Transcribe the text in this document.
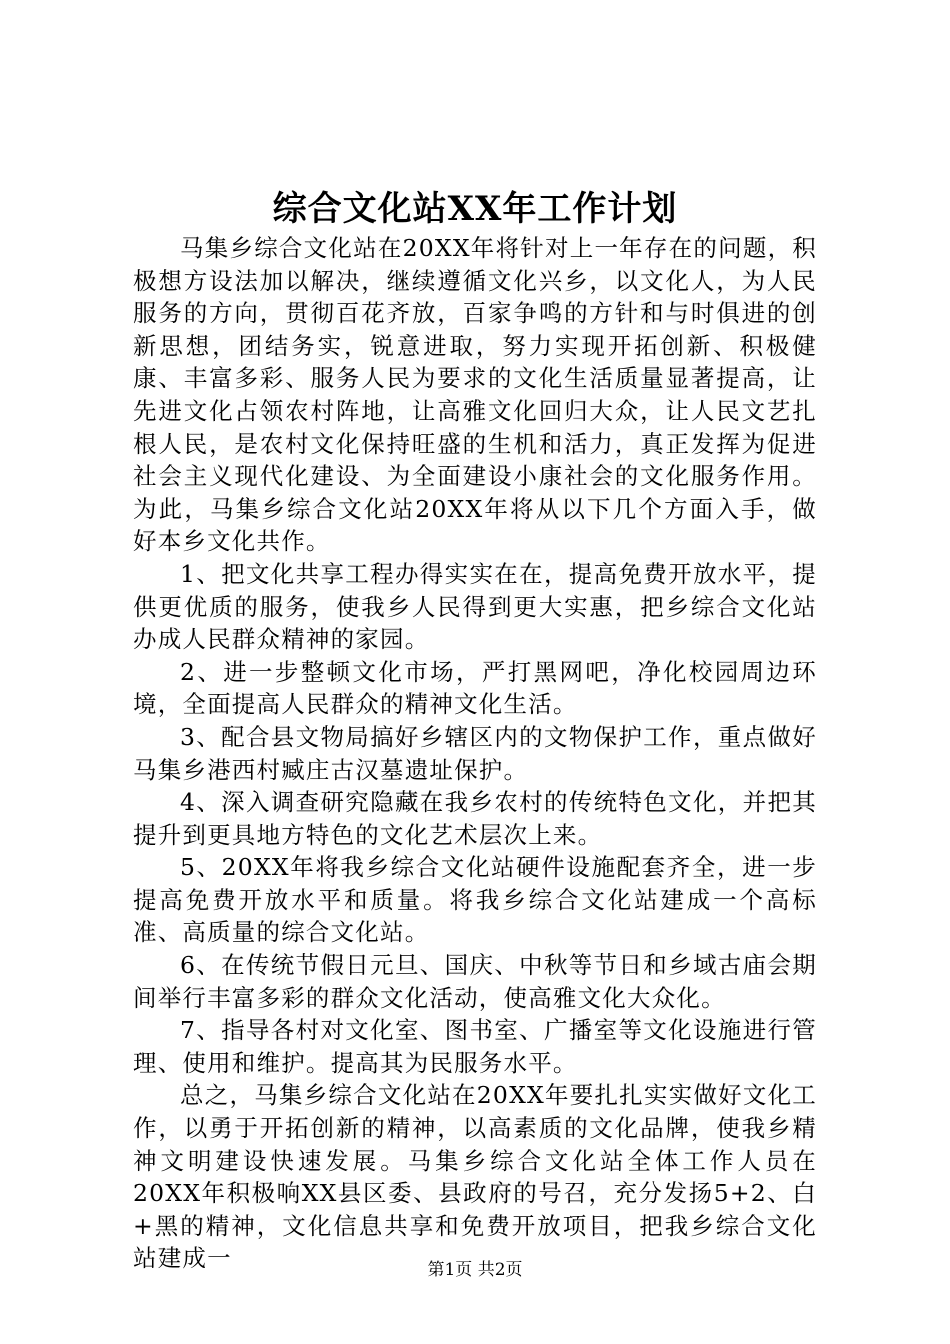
综合文化站XX年工作计划

马集乡综合文化站在20XX年将针对上一年存在的问题，积极想方设法加以解决，继续遵循文化兴乡，以文化人，为人民服务的方向，贯彻百花齐放，百家争鸣的方针和与时俱进的创新思想，团结务实，锐意进取，努力实现开拓创新、积极健康、丰富多彩、服务人民为要求的文化生活质量显著提高，让先进文化占领农村阵地，让高雅文化回归大众，让人民文艺扎根人民，是农村文化保持旺盛的生机和活力，真正发挥为促进社会主义现代化建设、为全面建设小康社会的文化服务作用。为此，马集乡综合文化站20XX年将从以下几个方面入手，做好本乡文化共作。

1、把文化共享工程办得实实在在，提高免费开放水平，提供更优质的服务，使我乡人民得到更大实惠，把乡综合文化站办成人民群众精神的家园。

2、进一步整顿文化市场，严打黑网吧，净化校园周边环境，全面提高人民群众的精神文化生活。

3、配合县文物局搞好乡辖区内的文物保护工作，重点做好马集乡港西村臧庄古汉墓遗址保护。

4、深入调查研究隐藏在我乡农村的传统特色文化，并把其提升到更具地方特色的文化艺术层次上来。

5、20XX年将我乡综合文化站硬件设施配套齐全，进一步提高免费开放水平和质量。将我乡综合文化站建成一个高标准、高质量的综合文化站。

6、在传统节假日元旦、国庆、中秋等节日和乡域古庙会期间举行丰富多彩的群众文化活动，使高雅文化大众化。

7、指导各村对文化室、图书室、广播室等文化设施进行管理、使用和维护。提高其为民服务水平。

总之，马集乡综合文化站在20XX年要扎扎实实做好文化工作，以勇于开拓创新的精神，以高素质的文化品牌，使我乡精神文明建设快速发展。马集乡综合文化站全体工作人员在20XX年积极响XX县区委、县政府的号召，充分发扬5+2、白+黑的精神，文化信息共享和免费开放项目，把我乡综合文化站建成一	第1页 共2页
